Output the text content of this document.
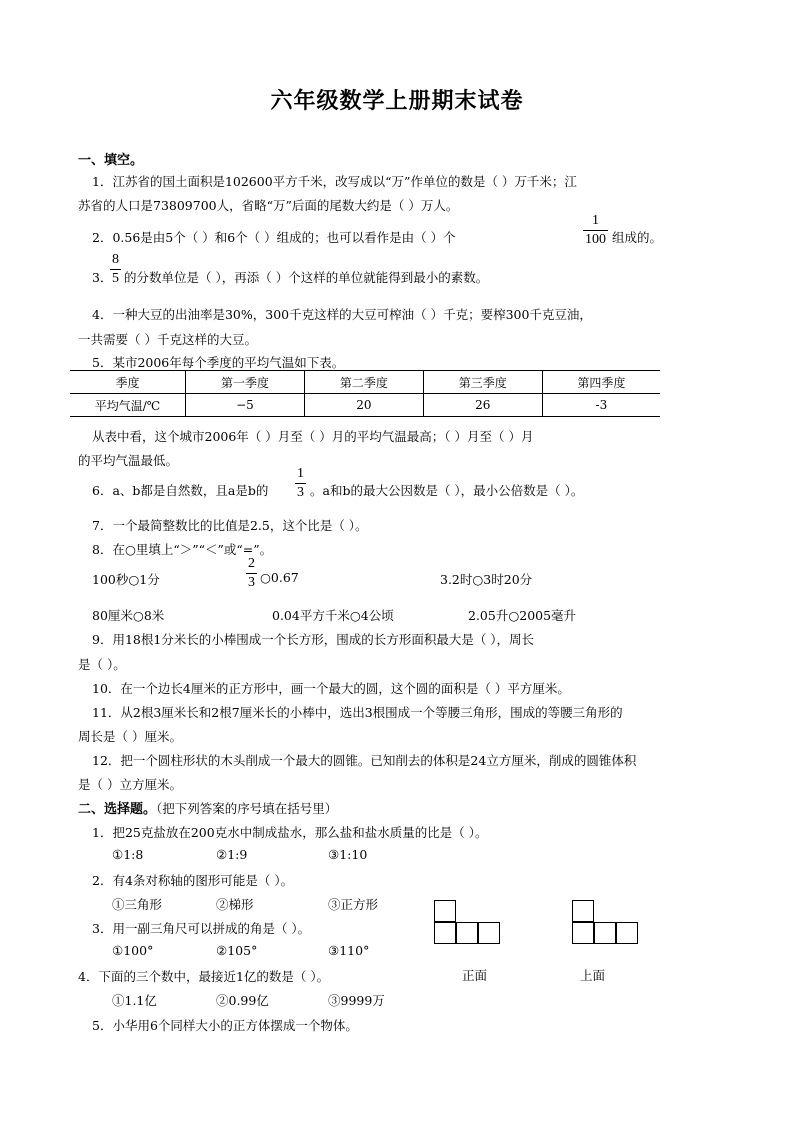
六年级数学上册期末试卷
一、填空。
1．江苏省的国土面积是102600平方千米，改写成以“万”作单位的数是（ ）万千米；江
苏省的人口是73809700人，省略“万”后面的尾数大约是（ ）万人。
2．0.56是由5个（ ）和6个（ ）组成的；也可以看作是由（ ）个
1
100 组成的。
3．
8
5 的分数单位是（ ），再添（ ）个这样的单位就能得到最小的素数。
4．一种大豆的出油率是30%，300千克这样的大豆可榨油（ ）千克；要榨300千克豆油，
一共需要（ ）千克这样的大豆。
5．某市2006年每个季度的平均气温如下表。
季度	第一季度	第二季度	第三季度	第四季度
平均气温/℃	−5	20	26	-3
从表中看，这个城市2006年（ ）月至（ ）月的平均气温最高；（ ）月至（ ）月
的平均气温最低。
6．a、b都是自然数，且a是b的
1
3 。a和b的最大公因数是（ ），最小公倍数是（ ）。
7．一个最简整数比的比值是2.5，这个比是（ ）。
8．在○里填上“＞”“＜”或“=”。
100秒○1分
2
3 ○0.67	3.2时○3时20分
80厘米○8米	0.04平方千米○4公顷	2.05升○2005毫升
9．用18根1分米长的小棒围成一个长方形，围成的长方形面积最大是（ ），周长
是（ ）。
10．在一个边长4厘米的正方形中，画一个最大的圆，这个圆的面积是（ ）平方厘米。
11．从2根3厘米长和2根7厘米长的小棒中，选出3根围成一个等腰三角形，围成的等腰三角形的
周长是（ ）厘米。
12．把一个圆柱形状的木头削成一个最大的圆锥。已知削去的体积是24立方厘米，削成的圆锥体积
是（ ）立方厘米。
二、选择题。（把下列答案的序号填在括号里）
1．把25克盐放在200克水中制成盐水，那么盐和盐水质量的比是（ ）。
①1:8	②1:9	③1:10
2．有4条对称轴的图形可能是（ ）。
①三角形	②梯形	③正方形
3．用一副三角尺可以拼成的角是（ ）。
①100°	②105°	③110°
4．下面的三个数中，最接近1亿的数是（ ）。
①1.1亿	②0.99亿	③9999万
5．小华用6个同样大小的正方体摆成一个物体。
正面	上面
